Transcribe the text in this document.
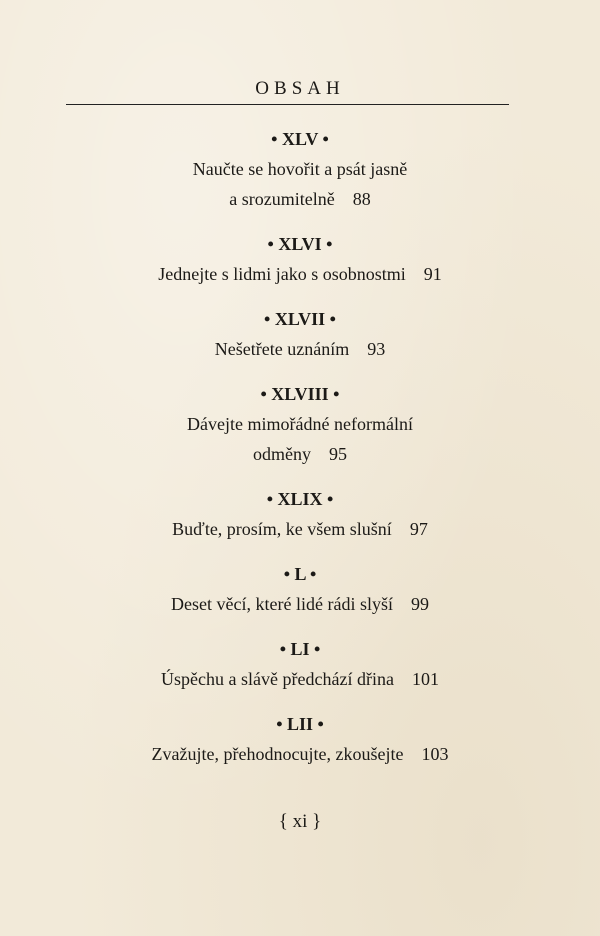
OBSAH
• XLV •
Naučte se hovořit a psát jasně
a srozumitelně 88
• XLVI •
Jednejte s lidmi jako s osobnostmi 91
• XLVII •
Nešetřete uznáním 93
• XLVIII •
Dávejte mimořádné neformální
odměny 95
• XLIX •
Buďte, prosím, ke všem slušní 97
• L •
Deset věcí, které lidé rádi slyší 99
• LI •
Úspěchu a slávě předchází dřina 101
• LII •
Zvažujte, přehodnocujte, zkoušejte 103
{ xi }
